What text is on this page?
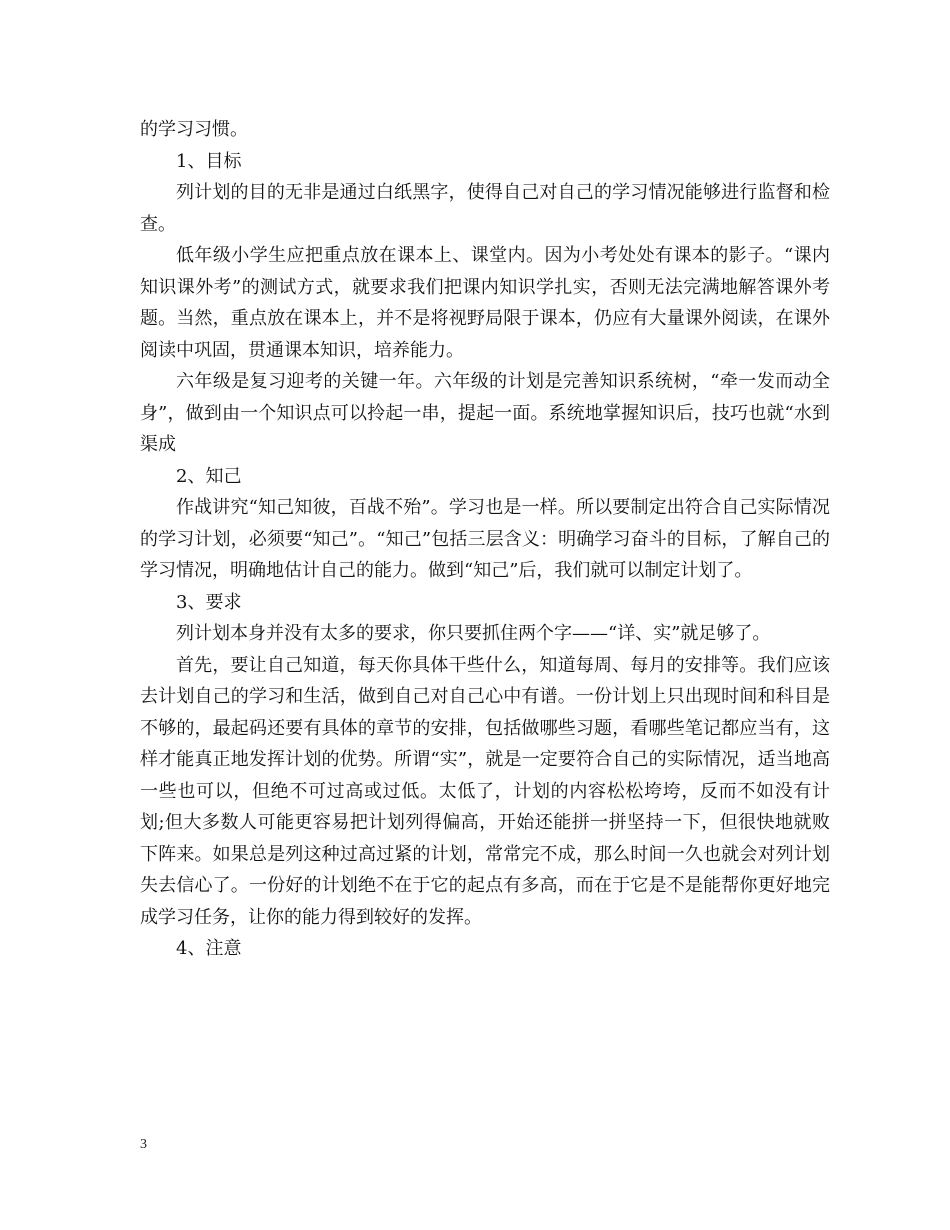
的学习习惯。

1、目标

列计划的目的无非是通过白纸黑字，使得自己对自己的学习情况能够进行监督和检查。

低年级小学生应把重点放在课本上、课堂内。因为小考处处有课本的影子。“课内知识课外考”的测试方式，就要求我们把课内知识学扎实，否则无法完满地解答课外考题。当然，重点放在课本上，并不是将视野局限于课本，仍应有大量课外阅读，在课外阅读中巩固，贯通课本知识，培养能力。

六年级是复习迎考的关键一年。六年级的计划是完善知识系统树，“牵一发而动全身”，做到由一个知识点可以拎起一串，提起一面。系统地掌握知识后，技巧也就“水到渠成

2、知己

作战讲究“知己知彼，百战不殆”。学习也是一样。所以要制定出符合自己实际情况的学习计划，必须要“知己”。“知己”包括三层含义：明确学习奋斗的目标，了解自己的学习情况，明确地估计自己的能力。做到“知己”后，我们就可以制定计划了。

3、要求

列计划本身并没有太多的要求，你只要抓住两个字——“详、实”就足够了。

首先，要让自己知道，每天你具体干些什么，知道每周、每月的安排等。我们应该去计划自己的学习和生活，做到自己对自己心中有谱。一份计划上只出现时间和科目是不够的，最起码还要有具体的章节的安排，包括做哪些习题，看哪些笔记都应当有，这样才能真正地发挥计划的优势。所谓“实”，就是一定要符合自己的实际情况，适当地高一些也可以，但绝不可过高或过低。太低了，计划的内容松松垮垮，反而不如没有计划;但大多数人可能更容易把计划列得偏高，开始还能拼一拼坚持一下，但很快地就败下阵来。如果总是列这种过高过紧的计划，常常完不成，那么时间一久也就会对列计划失去信心了。一份好的计划绝不在于它的起点有多高，而在于它是不是能帮你更好地完成学习任务，让你的能力得到较好的发挥。

4、注意

3
